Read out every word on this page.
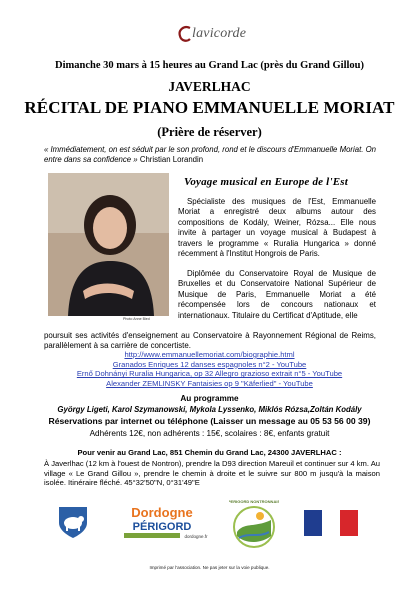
lavicorde
Dimanche 30 mars à 15 heures au Grand Lac (près du Grand Gillou)
JAVERLHAC
RÉCITAL DE PIANO EMMANUELLE MORIAT
(Prière de réserver)
« Immédiatement, on est séduit par le son profond, rond et le discours d'Emmanuelle Moriat. On entre dans sa confidence » Christian Lorandin
Photo Anne Bied
Voyage musical en Europe de l'Est
Spécialiste des musiques de l'Est, Emmanuelle Moriat a enregistré deux albums autour des compositions de Kodály, Weiner, Rózsa... Elle nous invite à partager un voyage musical à Budapest à travers le programme « Ruralia Hungarica » donné récemment à l'Institut Hongrois de Paris.
Diplômée du Conservatoire Royal de Musique de Bruxelles et du Conservatoire National Supérieur de Musique de Paris, Emmanuelle Moriat a été récompensée lors de concours nationaux et internationaux. Titulaire du Certificat d'Aptitude, elle
poursuit ses activités d'enseignement au Conservatoire à Rayonnement Régional de Reims, parallèlement à sa carrière de concertiste.
http://www.emmanuellemoriat.com/biographie.html
Granados Enriques 12 danses espagnoles n°2 - YouTube
Ernő Dohnányi Ruralia Hungarica, op 32 Allegro grazioso extrait n°5 - YouTube
Alexander ZEMLINSKY Fantaisies op 9 "Käferlied" - YouTube
Au programme
György Ligeti, Karol Szymanowski, Mykola Lyssenko, Miklós Rózsa,Zoltán Kodály
Réservations par internet ou téléphone (Laisser un message au 05 53 56 00 39)
Adhérents 12€, non adhérents : 15€, scolaires : 8€, enfants gratuit
Pour venir au Grand Lac, 851 Chemin du Grand Lac, 24300 JAVERLHAC :
À Javerlhac (12 km à l'ouest de Nontron), prendre la D93 direction Mareuil et continuer sur 4 km. Au village « Le Grand Gillou », prendre le chemin à droite et le suivre sur 800 m jusqu'à la maison isolée. Itinéraire fléché. 45°32'50"N, 0°31'49"E
Dordogne
PÉRIGORD
dordogne.fr
PERIGORD NONTRONNAIS
Imprimé par l'association. Ne pas jeter sur la voie publique.
